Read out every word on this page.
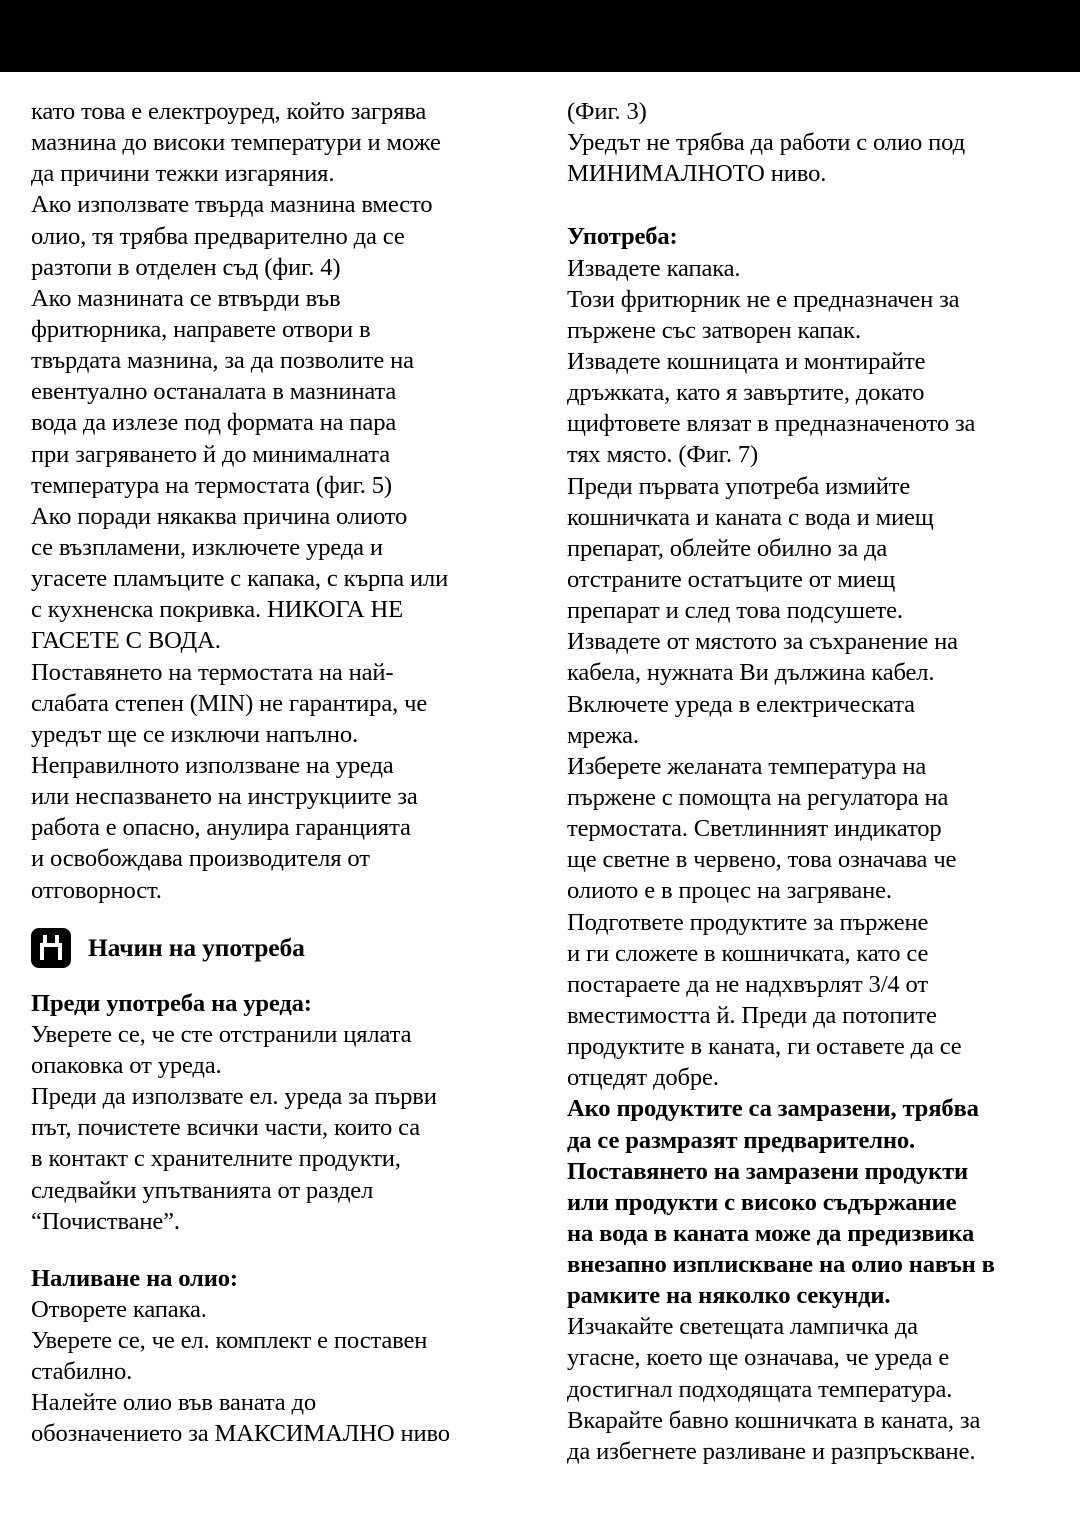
като това е електроуред, който загрява
мазнина до високи температури и може
да причини тежки изгаряния.
Ако използвате твърда мазнина вместо
олио, тя трябва предварително да се
разтопи в отделен съд (фиг. 4)
Ако мазнината се втвърди във
фритюрника, направете отвори в
твърдата мазнина, за да позволите на
евентуално останалата в мазнината
вода да излезе под формата на пара
при загряването й до минималната
температура на термостата (фиг. 5)
Ако поради някаква причина олиото
се възпламени, изключете уреда и
угасете пламъците с капака, с кърпа или
с кухненска покривка. НИКОГА НЕ
ГАСЕТЕ С ВОДА.
Поставянето на термостата на най-
слабата степен (MIN) не гарантира, че
уредът ще се изключи напълно.
Неправилното използване на уреда
или неспазването на инструкциите за
работа е опасно, анулира гаранцията
и освобождава производителя от
отговорност.
Начин на употреба
Преди употреба на уреда:
Уверете се, че сте отстранили цялата
опаковка от уреда.
Преди да използвате ел. уреда за първи
път, почистете всички части, които са
в контакт с хранителните продукти,
следвайки упътванията от раздел
“Почистване”.
Наливане на олио:
Отворете капака.
Уверете се, че ел. комплект е поставен
стабилно.
Налейте олио във ваната до
обозначението за МАКСИМАЛНО ниво
(Фиг. 3)
Уредът не трябва да работи с олио под
МИНИМАЛНОТО ниво.
Употреба:
Извадете капака.
Този фритюрник не е предназначен за
пържене със затворен капак.
Извадете кошницата и монтирайте
дръжката, като я завъртите, докато
щифтовете влязат в предназначеното за
тях място. (Фиг. 7)
Преди първата употреба измийте
кошничката и каната с вода и миещ
препарат, облейте обилно за да
отстраните остатъците от миещ
препарат и след това подсушете.
Извадете от мястото за съхранение на
кабела, нужната Ви дължина кабел.
Включете уреда в електрическата
мрежа.
Изберете желаната температура на
пържене с помощта на регулатора на
термостата. Светлинният индикатор
ще светне в червено, това означава че
олиото е в процес на загряване.
Подгответе продуктите за пържене
и ги сложете в кошничката, като се
постараете да не надхвърлят 3/4 от
вместимостта й. Преди да потопите
продуктите в каната, ги оставете да се
отцедят добре.
Ако продуктите са замразени, трябва
да се размразят предварително.
Поставянето на замразени продукти
или продукти с високо съдържание
на вода в каната може да предизвика
внезапно изплискване на олио навън в
рамките на няколко секунди.
Изчакайте светещата лампичка да
угасне, което ще означава, че уреда е
достигнал подходящата температура.
Вкарайте бавно кошничката в каната, за
да избегнете разливане и разпръскване.
